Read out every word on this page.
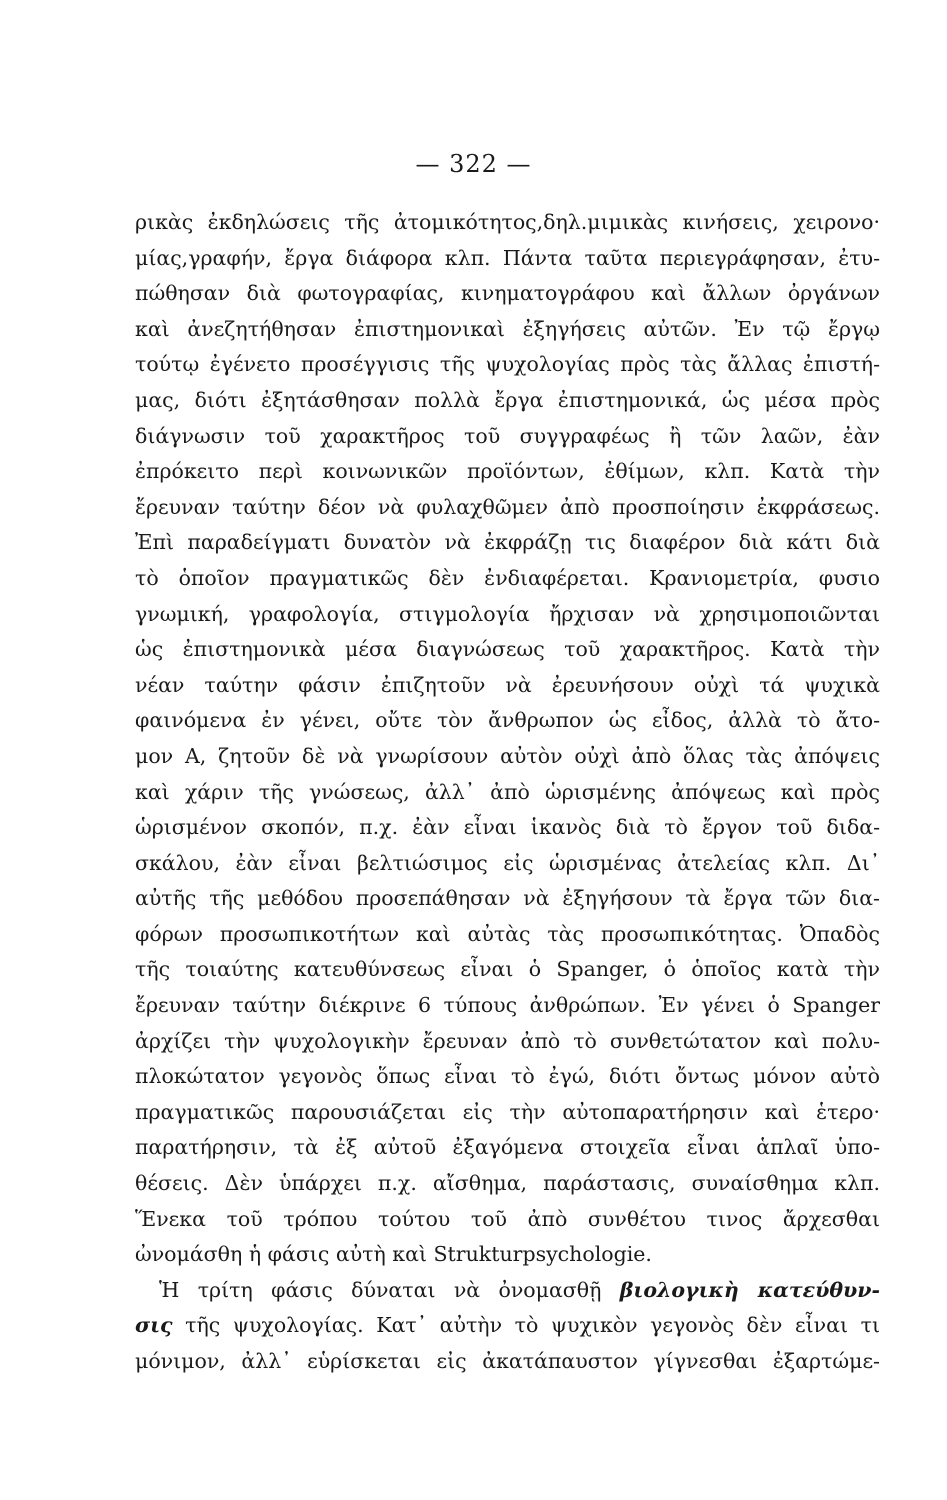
— 322 —
ρικὰς ἐκδηλώσεις τῆς ἀτομικότητος,δηλ.μιμικὰς κινήσεις, χειρονο·
μίας,γραφήν, ἔργα διάφορα κλπ. Πάντα ταῦτα περιεγράφησαν, ἐτυ-
πώθησαν διὰ φωτογραφίας, κινηματογράφου καὶ ἄλλων ὀργάνων
καὶ ἀνεζητήθησαν ἐπιστημονικαὶ ἐξηγήσεις αὐτῶν. Ἐν τῷ ἔργῳ
τούτῳ ἐγένετο προσέγγισις τῆς ψυχολογίας πρὸς τὰς ἄλλας ἐπιστή-
μας, διότι ἐξητάσθησαν πολλὰ ἔργα ἐπιστημονικά, ὡς μέσα πρὸς
διάγνωσιν τοῦ χαρακτῆρος τοῦ συγγραφέως ἢ τῶν λαῶν, ἐὰν
ἐπρόκειτο περὶ κοινωνικῶν προϊόντων, ἐθίμων, κλπ. Κατὰ τὴν
ἔρευναν ταύτην δέον νὰ φυλαχθῶμεν ἀπὸ προσποίησιν ἐκφράσεως.
Ἐπὶ παραδείγματι δυνατὸν νὰ ἐκφράζῃ τις διαφέρον διὰ κάτι διὰ
τὸ ὁποῖον πραγματικῶς δὲν ἐνδιαφέρεται. Κρανιομετρία, φυσιο
γνωμική, γραφολογία, στιγμολογία ἤρχισαν νὰ χρησιμοποιῶνται
ὡς ἐπιστημονικὰ μέσα διαγνώσεως τοῦ χαρακτῆρος. Κατὰ τὴν
νέαν ταύτην φάσιν ἐπιζητοῦν νὰ ἐρευνήσουν οὐχὶ τά ψυχικὰ
φαινόμενα ἐν γένει, οὔτε τὸν ἄνθρωπον ὡς εἶδος, ἀλλὰ τὸ ἄτο-
μον Α, ζητοῦν δὲ νὰ γνωρίσουν αὐτὸν οὐχὶ ἀπὸ ὅλας τὰς ἀπόψεις
καὶ χάριν τῆς γνώσεως, ἀλλ᾽ ἀπὸ ὡρισμένης ἀπόψεως καὶ πρὸς
ὡρισμένον σκοπόν, π.χ. ἐὰν εἶναι ἱκανὸς διὰ τὸ ἔργον τοῦ διδα-
σκάλου, ἐὰν εἶναι βελτιώσιμος εἰς ὡρισμένας ἀτελείας κλπ. Δι᾽
αὐτῆς τῆς μεθόδου προσεπάθησαν νὰ ἐξηγήσουν τὰ ἔργα τῶν δια-
φόρων προσωπικοτήτων καὶ αὐτὰς τὰς προσωπικότητας. Ὀπαδὸς
τῆς τοιαύτης κατευθύνσεως εἶναι ὁ Spanger, ὁ ὁποῖος κατὰ τὴν
ἔρευναν ταύτην διέκρινε 6 τύπους ἀνθρώπων. Ἐν γένει ὁ Spanger
ἀρχίζει τὴν ψυχολογικὴν ἔρευναν ἀπὸ τὸ συνθετώτατον καὶ πολυ-
πλοκώτατον γεγονὸς ὅπως εἶναι τὸ ἐγώ, διότι ὄντως μόνον αὐτὸ
πραγματικῶς παρουσιάζεται εἰς τὴν αὐτοπαρατήρησιν καὶ ἑτερο·
παρατήρησιν, τὰ ἐξ αὐτοῦ ἐξαγόμενα στοιχεῖα εἶναι ἁπλαῖ ὑπο-
θέσεις. Δὲν ὑπάρχει π.χ. αἴσθημα, παράστασις, συναίσθημα κλπ.
Ἕνεκα τοῦ τρόπου τούτου τοῦ ἀπὸ συνθέτου τινος ἄρχεσθαι
ὠνομάσθη ἡ φάσις αὐτὴ καὶ Strukturpsychologie.
Ἡ τρίτη φάσις δύναται νὰ ὀνομασθῇ βιολογικὴ κατεύθυν-
σις τῆς ψυχολογίας. Κατ᾽ αὐτὴν τὸ ψυχικὸν γεγονὸς δὲν εἶναι τι
μόνιμον, ἀλλ᾽ εὑρίσκεται εἰς ἀκατάπαυστον γίγνεσθαι ἐξαρτώμε-
